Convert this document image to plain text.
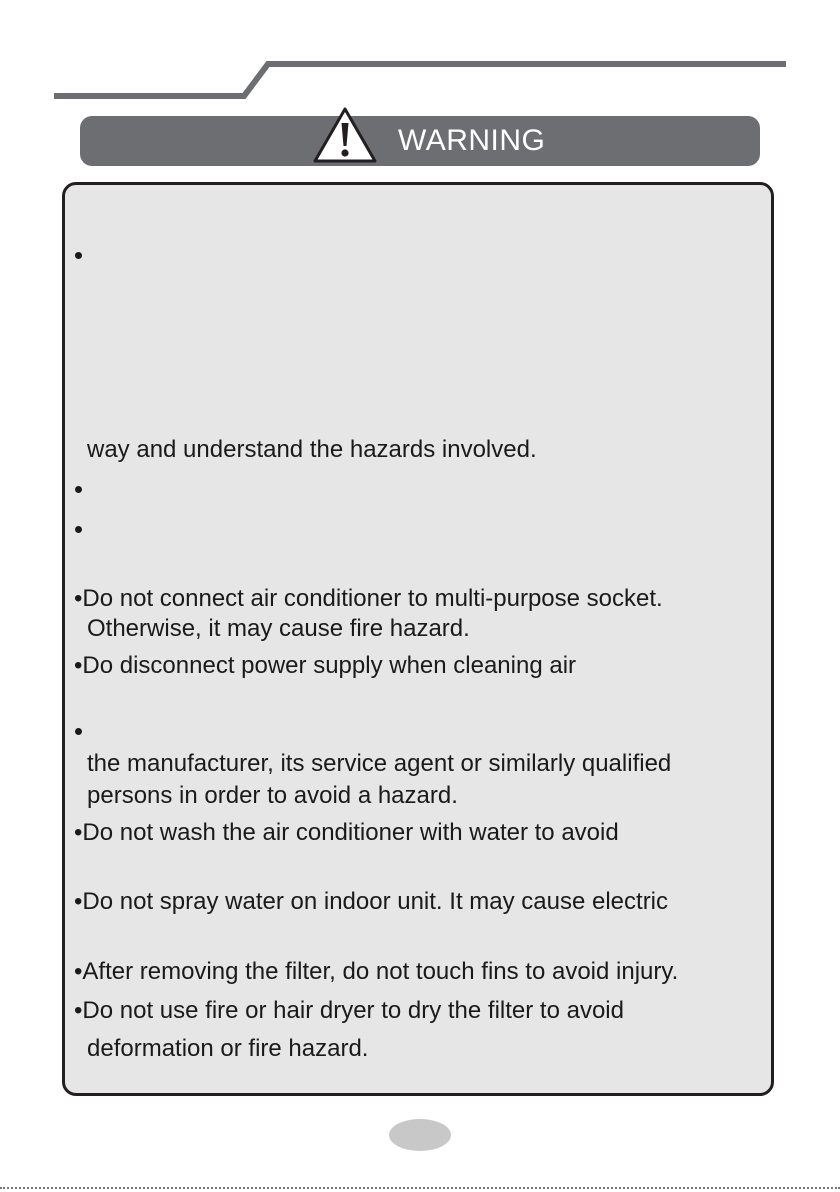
WARNING
way and understand the hazards involved.
•Do not connect air conditioner to multi-purpose socket.
Otherwise, it may cause fire hazard.
•Do disconnect power supply when cleaning air
the manufacturer, its service agent or similarly qualified
persons in order to avoid a hazard.
•Do not wash the air conditioner with water to avoid
•Do not spray water on indoor unit. It may cause electric
•After removing the filter, do not touch fins to avoid injury.
•Do not use fire or hair dryer to dry the filter to avoid
deformation or fire hazard.
